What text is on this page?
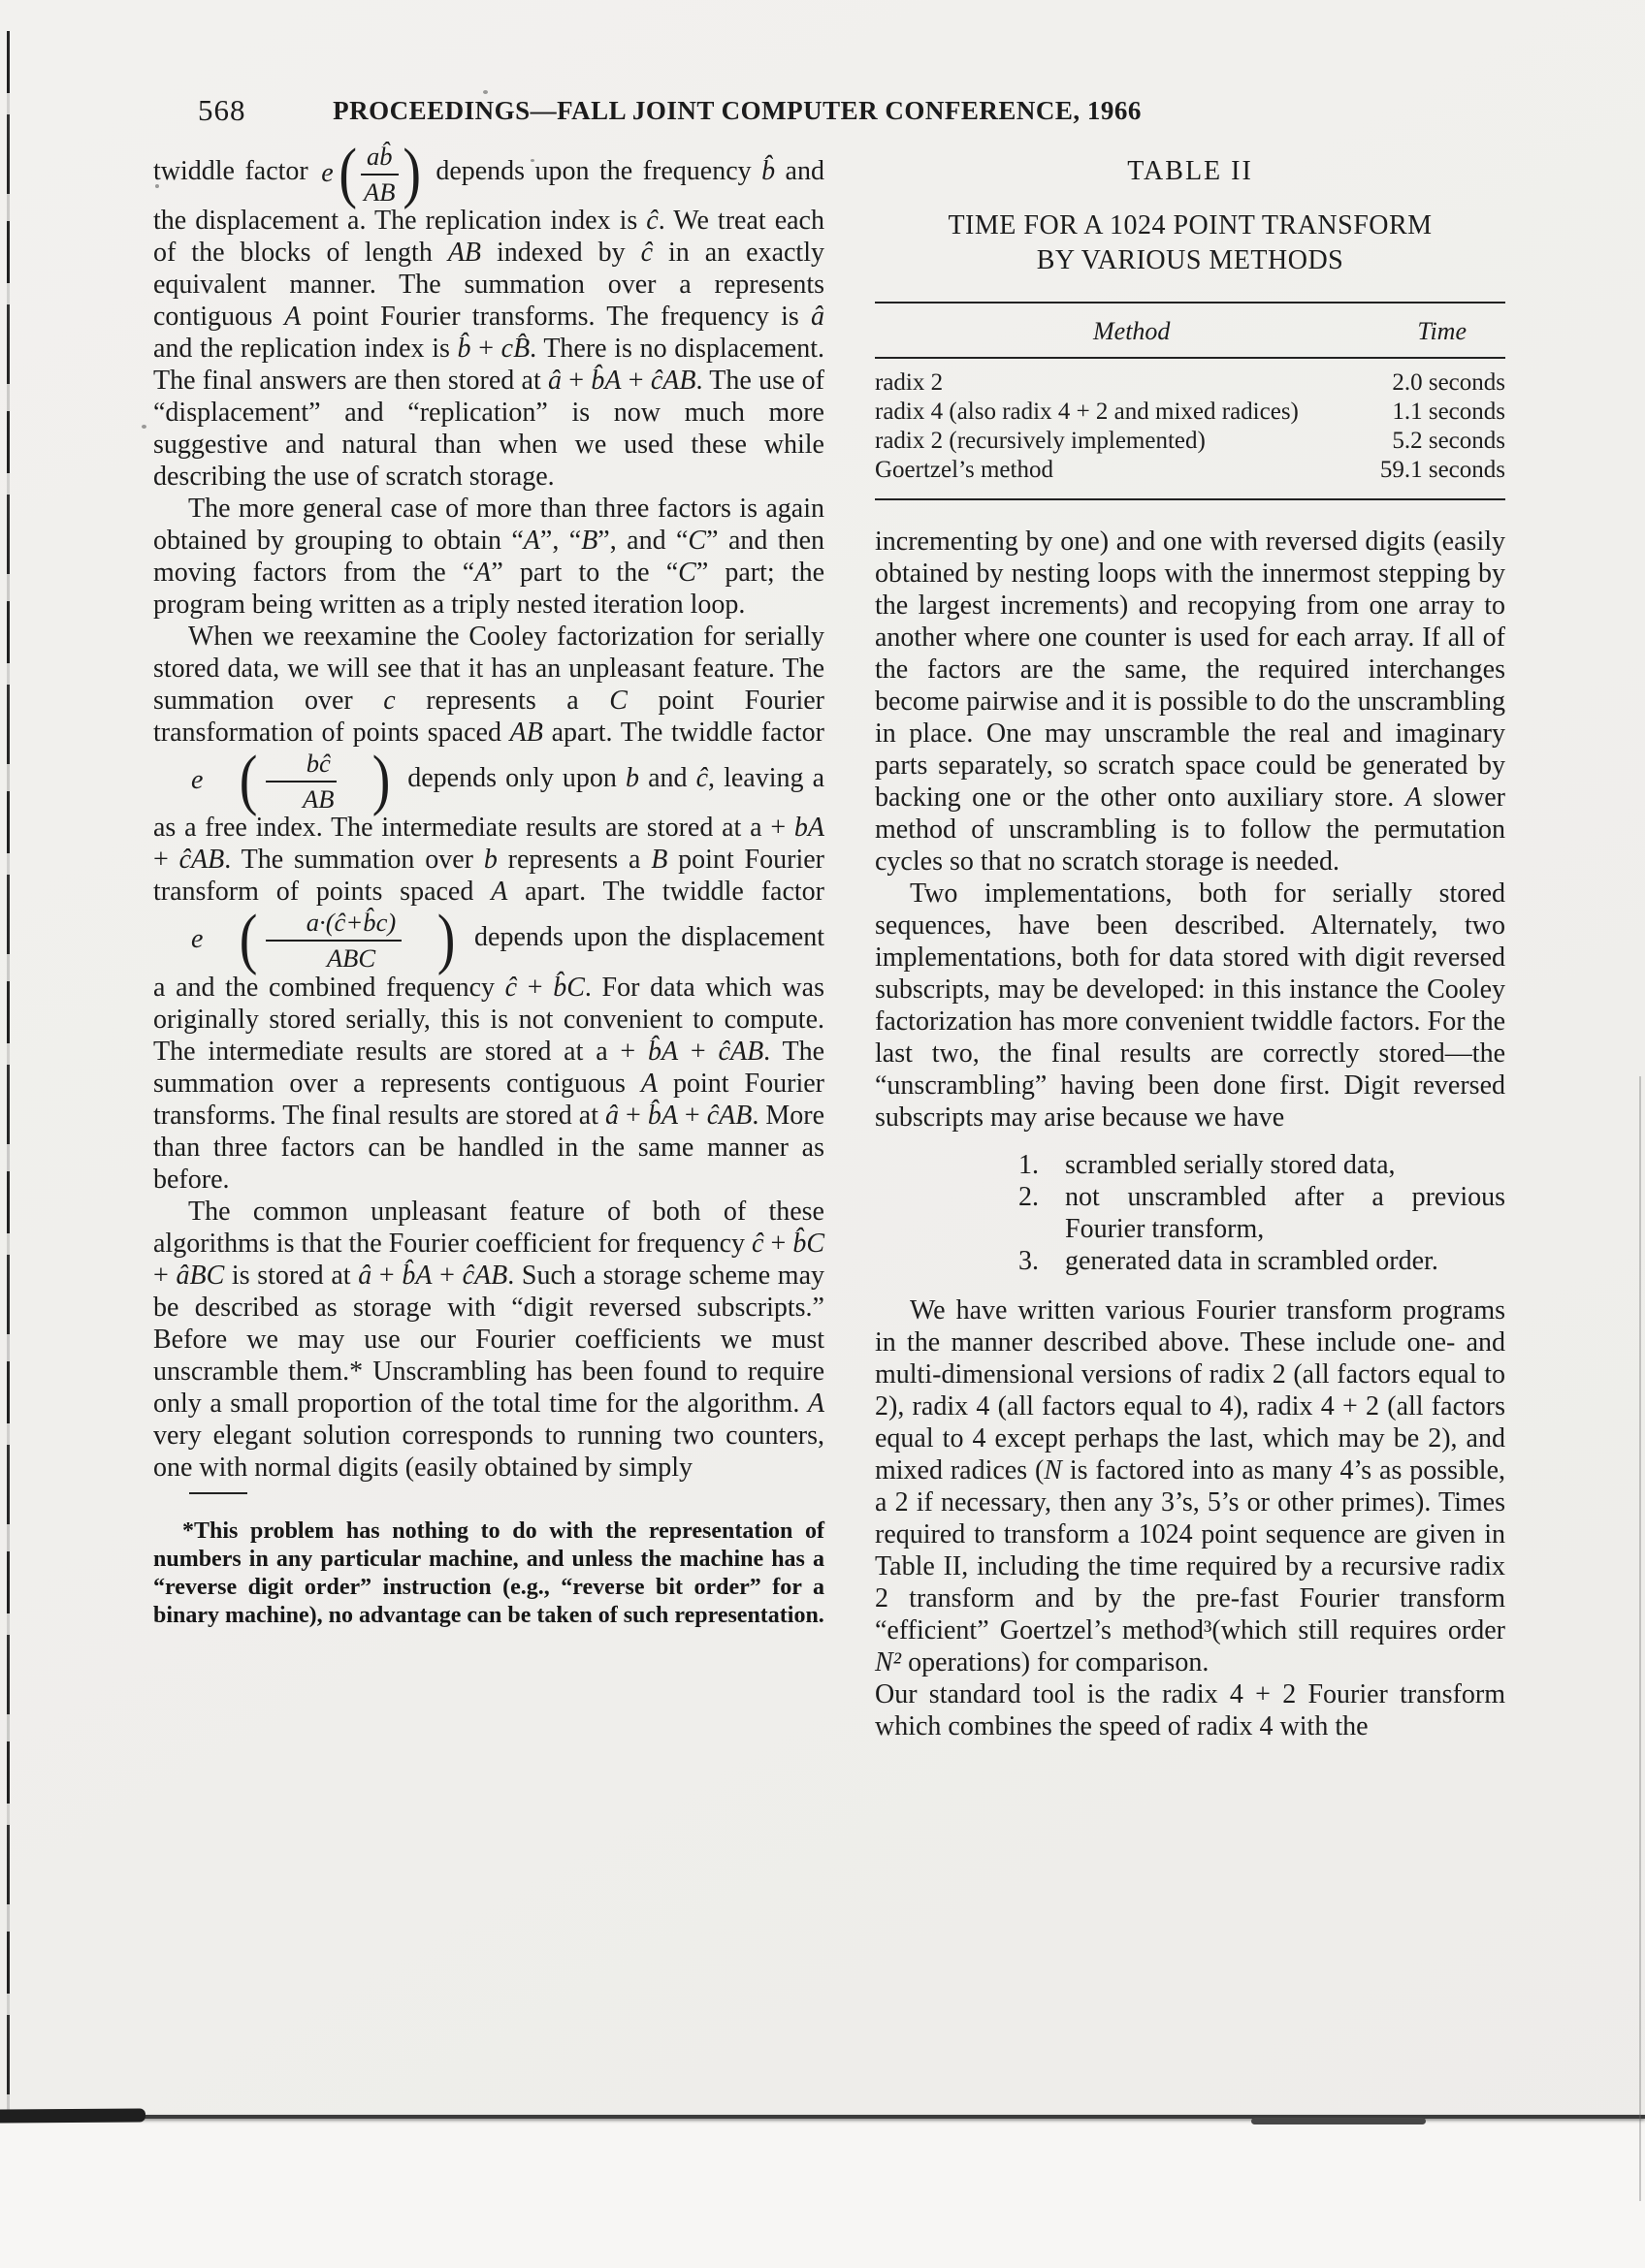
568	PROCEEDINGS—FALL JOINT COMPUTER CONFERENCE, 1966

twiddle factor e ( $\frac{ab̂}{AB}$ ) depends upon the frequency b̂ and the displacement a. The replication index is ĉ. We treat each of the blocks of length AB indexed by ĉ in an exactly equivalent manner. The summation over a represents contiguous A point Fourier transforms. The frequency is â and the replication index is b̂ + cB̂. There is no displacement. The final answers are then stored at â + b̂A + ĉAB. The use of “displacement” and “replication” is now much more suggestive and natural than when we used these while describing the use of scratch storage.

The more general case of more than three factors is again obtained by grouping to obtain “A”, “B”, and “C” and then moving factors from the “A” part to the “C” part; the program being written as a triply nested iteration loop.

When we reexamine the Cooley factorization for serially stored data, we will see that it has an unpleasant feature. The summation over c represents a C point Fourier transformation of points spaced AB apart. The twiddle factor
e ( $\frac{bĉ}{AB}$ ) depends only upon b and ĉ, leaving a as a free index. The intermediate results are stored at a + bA + ĉAB. The summation over b represents a B point Fourier transform of points spaced A apart. The twiddle factor
e (	a·(ĉ+b̂c)
ABC ) depends upon the displacement a and the combined frequency ĉ + b̂C. For data which was originally stored serially, this is not convenient to compute. The intermediate results are stored at a + b̂A + ĉAB. The summation over a represents contiguous A point Fourier transforms. The final results are stored at â + b̂A + ĉAB. More than three factors can be handled in the same manner as before.

The common unpleasant feature of both of these algorithms is that the Fourier coefficient for frequency ĉ + b̂C + âBC is stored at â + b̂A + ĉAB. Such a storage scheme may be described as storage with “digit reversed subscripts.” Before we may use our Fourier coefficients we must unscramble them.* Unscrambling has been found to require only a small proportion of the total time for the algorithm. A very elegant solution corresponds to running two counters, one with normal digits (easily obtained by simply

*This problem has nothing to do with the representation of numbers in any particular machine, and unless the machine has a “reverse digit order” instruction (e.g., “reverse bit order” for a binary machine), no advantage can be taken of such representation.

TABLE II
TIME FOR A 1024 POINT TRANSFORM
BY VARIOUS METHODS
Method	Time
radix 2	2.0 seconds
radix 4 (also radix 4 + 2 and mixed radices)	1.1 seconds
radix 2 (recursively implemented)	5.2 seconds
Goertzel’s method	59.1 seconds

incrementing by one) and one with reversed digits (easily obtained by nesting loops with the innermost stepping by the largest increments) and recopying from one array to another where one counter is used for each array. If all of the factors are the same, the required interchanges become pairwise and it is possible to do the unscrambling in place. One may unscramble the real and imaginary parts separately, so scratch space could be generated by backing one or the other onto auxiliary store. A slower method of unscrambling is to follow the permutation cycles so that no scratch storage is needed.

Two implementations, both for serially stored sequences, have been described. Alternately, two implementations, both for data stored with digit reversed subscripts, may be developed: in this instance the Cooley factorization has more convenient twiddle factors. For the last two, the final results are correctly stored—the “unscrambling” having been done first. Digit reversed subscripts may arise because we have

1. scrambled serially stored data,
2. not unscrambled after a previous Fourier transform,
3. generated data in scrambled order.

We have written various Fourier transform programs in the manner described above. These include one- and multi-dimensional versions of radix 2 (all factors equal to 2), radix 4 (all factors equal to 4), radix 4 + 2 (all factors equal to 4 except perhaps the last, which may be 2), and mixed radices (N is factored into as many 4’s as possible, a 2 if necessary, then any 3’s, 5’s or other primes). Times required to transform a 1024 point sequence are given in Table II, including the time required by a recursive radix 2 transform and by the pre-fast Fourier transform “efficient” Goertzel’s method³(which still requires order N² operations) for comparison.

Our standard tool is the radix 4 + 2 Fourier transform which combines the speed of radix 4 with the
